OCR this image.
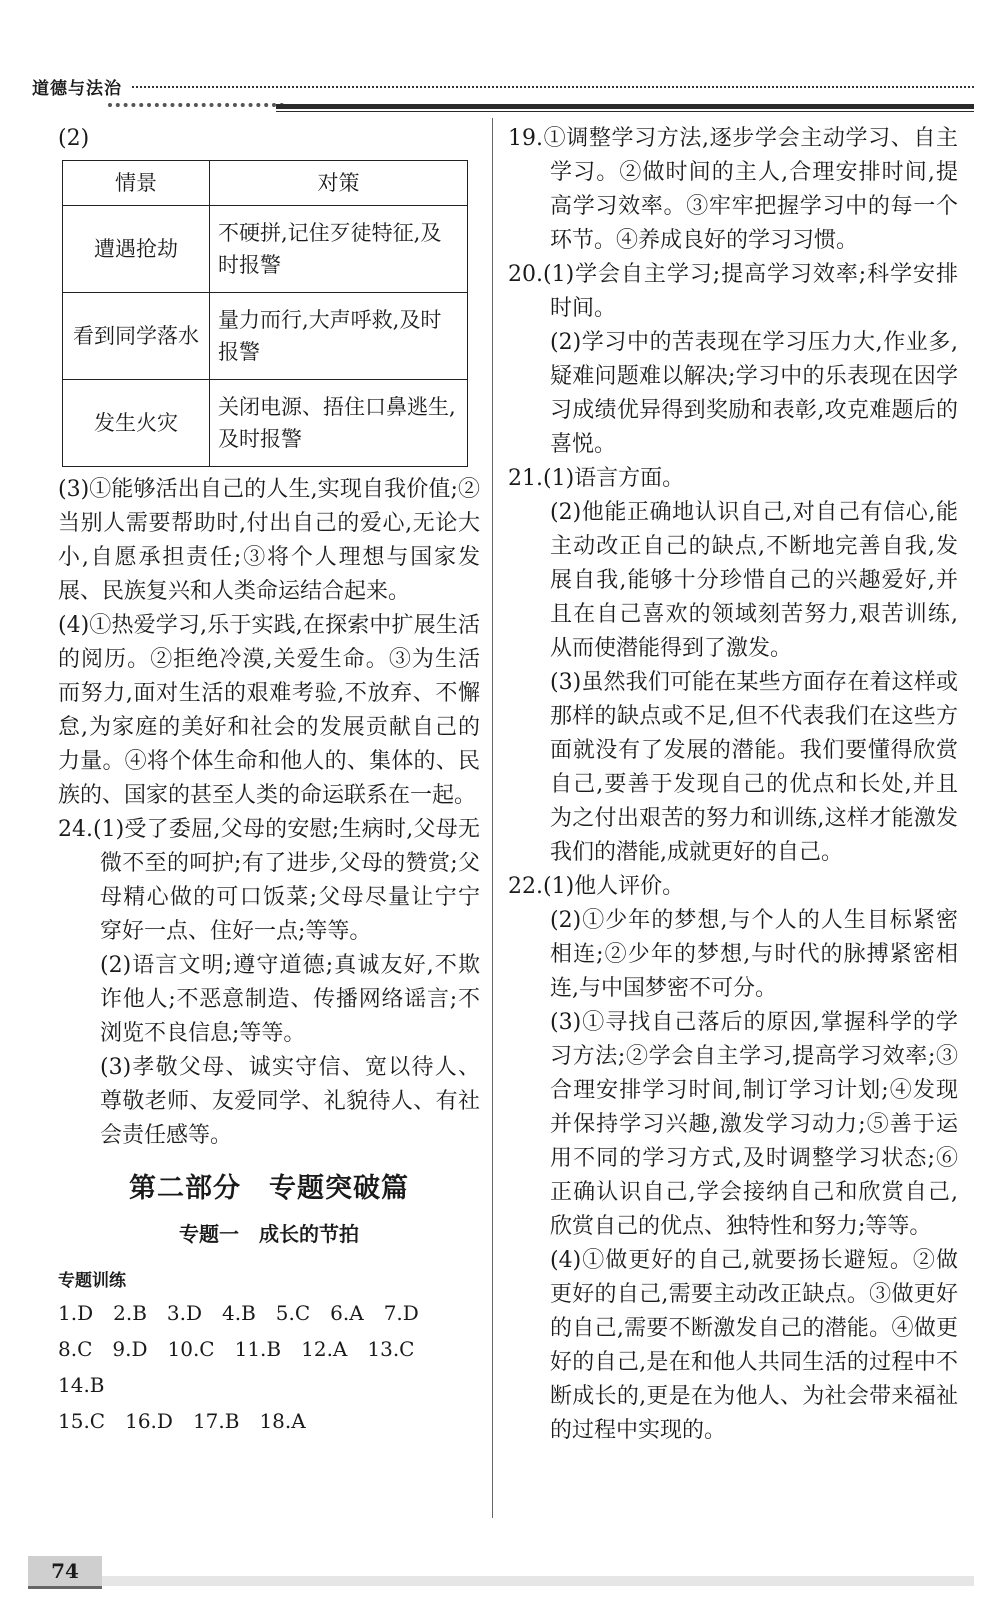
道德与法治

(2)

情景	对策
遭遇抢劫	不硬拼,记住歹徒特征,及时报警
看到同学落水	量力而行,大声呼救,及时报警
发生火灾	关闭电源、捂住口鼻逃生,及时报警

(3)①能够活出自己的人生,实现自我价值;②当别人需要帮助时,付出自己的爱心,无论大小,自愿承担责任;③将个人理想与国家发展、民族复兴和人类命运结合起来。

(4)①热爱学习,乐于实践,在探索中扩展生活的阅历。②拒绝冷漠,关爱生命。③为生活而努力,面对生活的艰难考验,不放弃、不懈怠,为家庭的美好和社会的发展贡献自己的力量。④将个体生命和他人的、集体的、民族的、国家的甚至人类的命运联系在一起。

24.(1)受了委屈,父母的安慰;生病时,父母无微不至的呵护;有了进步,父母的赞赏;父母精心做的可口饭菜;父母尽量让宁宁穿好一点、住好一点;等等。

(2)语言文明;遵守道德;真诚友好,不欺诈他人;不恶意制造、传播网络谣言;不浏览不良信息;等等。

(3)孝敬父母、诚实守信、宽以待人、尊敬老师、友爱同学、礼貌待人、有社会责任感等。

第二部分　专题突破篇
专题一　成长的节拍
专题训练
1.D　2.B　3.D　4.B　5.C　6.A　7.D
8.C　9.D　10.C　11.B　12.A　13.C　14.B
15.C　16.D　17.B　18.A

19.①调整学习方法,逐步学会主动学习、自主学习。②做时间的主人,合理安排时间,提高学习效率。③牢牢把握学习中的每一个环节。④养成良好的学习习惯。

20.(1)学会自主学习;提高学习效率;科学安排时间。

(2)学习中的苦表现在学习压力大,作业多,疑难问题难以解决;学习中的乐表现在因学习成绩优异得到奖励和表彰,攻克难题后的喜悦。

21.(1)语言方面。

(2)他能正确地认识自己,对自己有信心,能主动改正自己的缺点,不断地完善自我,发展自我,能够十分珍惜自己的兴趣爱好,并且在自己喜欢的领域刻苦努力,艰苦训练,从而使潜能得到了激发。

(3)虽然我们可能在某些方面存在着这样或那样的缺点或不足,但不代表我们在这些方面就没有了发展的潜能。我们要懂得欣赏自己,要善于发现自己的优点和长处,并且为之付出艰苦的努力和训练,这样才能激发我们的潜能,成就更好的自己。

22.(1)他人评价。

(2)①少年的梦想,与个人的人生目标紧密相连;②少年的梦想,与时代的脉搏紧密相连,与中国梦密不可分。

(3)①寻找自己落后的原因,掌握科学的学习方法;②学会自主学习,提高学习效率;③合理安排学习时间,制订学习计划;④发现并保持学习兴趣,激发学习动力;⑤善于运用不同的学习方式,及时调整学习状态;⑥正确认识自己,学会接纳自己和欣赏自己,欣赏自己的优点、独特性和努力;等等。

(4)①做更好的自己,就要扬长避短。②做更好的自己,需要主动改正缺点。③做更好的自己,需要不断激发自己的潜能。④做更好的自己,是在和他人共同生活的过程中不断成长的,更是在为他人、为社会带来福祉的过程中实现的。

74
